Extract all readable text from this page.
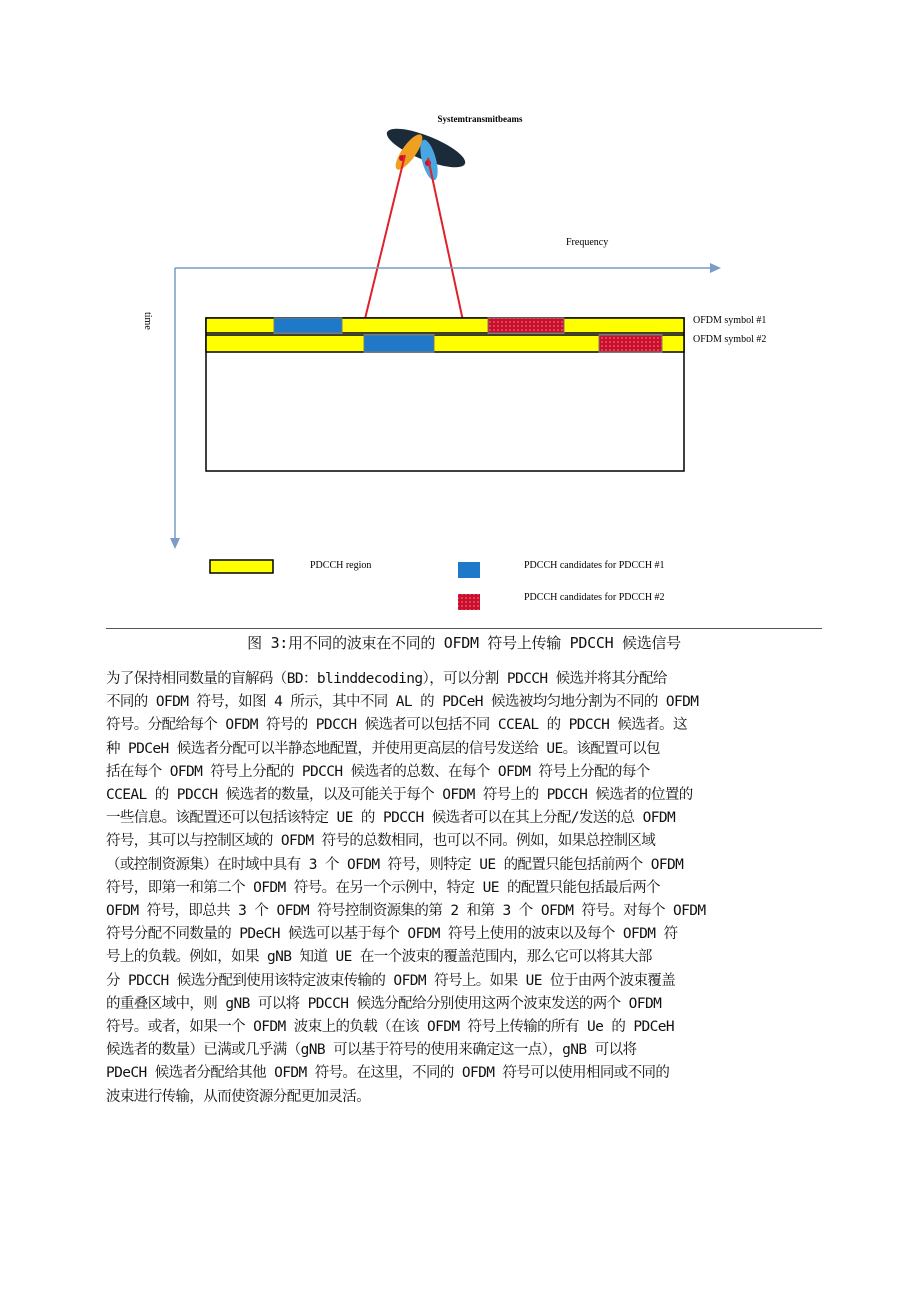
Systemtransmitbeams
Frequency
time	OFDM symbol #1
OFDM symbol #2
PDCCH region	PDCCH candidates for PDCCH #1
PDCCH candidates for PDCCH #2
图 3:用不同的波束在不同的 OFDM 符号上传输 PDCCH 候选信号
为了保持相同数量的盲解码（BD：blinddecoding），可以分割 PDCCH 候选并将其分配给
不同的 OFDM 符号，如图 4 所示，其中不同 AL 的 PDCeH 候选被均匀地分割为不同的 OFDM
符号。分配给每个 OFDM 符号的 PDCCH 候选者可以包括不同 CCEAL 的 PDCCH 候选者。这
种 PDCeH 候选者分配可以半静态地配置，并使用更高层的信号发送给 UE。该配置可以包
括在每个 OFDM 符号上分配的 PDCCH 候选者的总数、在每个 OFDM 符号上分配的每个
CCEAL 的 PDCCH 候选者的数量，以及可能关于每个 OFDM 符号上的 PDCCH 候选者的位置的
一些信息。该配置还可以包括该特定 UE 的 PDCCH 候选者可以在其上分配/发送的总 OFDM
符号，其可以与控制区域的 OFDM 符号的总数相同，也可以不同。例如，如果总控制区域
（或控制资源集）在时域中具有 3 个 OFDM 符号，则特定 UE 的配置只能包括前两个 OFDM
符号，即第一和第二个 OFDM 符号。在另一个示例中，特定 UE 的配置只能包括最后两个
OFDM 符号，即总共 3 个 OFDM 符号控制资源集的第 2 和第 3 个 OFDM 符号。对每个 OFDM
符号分配不同数量的 PDeCH 候选可以基于每个 OFDM 符号上使用的波束以及每个 OFDM 符
号上的负载。例如，如果 gNB 知道 UE 在一个波束的覆盖范围内，那么它可以将其大部
分 PDCCH 候选分配到使用该特定波束传输的 OFDM 符号上。如果 UE 位于由两个波束覆盖
的重叠区域中，则 gNB 可以将 PDCCH 候选分配给分别使用这两个波束发送的两个 OFDM
符号。或者，如果一个 OFDM 波束上的负载（在该 OFDM 符号上传输的所有 Ue 的 PDCeH
候选者的数量）已满或几乎满（gNB 可以基于符号的使用来确定这一点），gNB 可以将
PDeCH 候选者分配给其他 OFDM 符号。在这里，不同的 OFDM 符号可以使用相同或不同的
波束进行传输，从而使资源分配更加灵活。
